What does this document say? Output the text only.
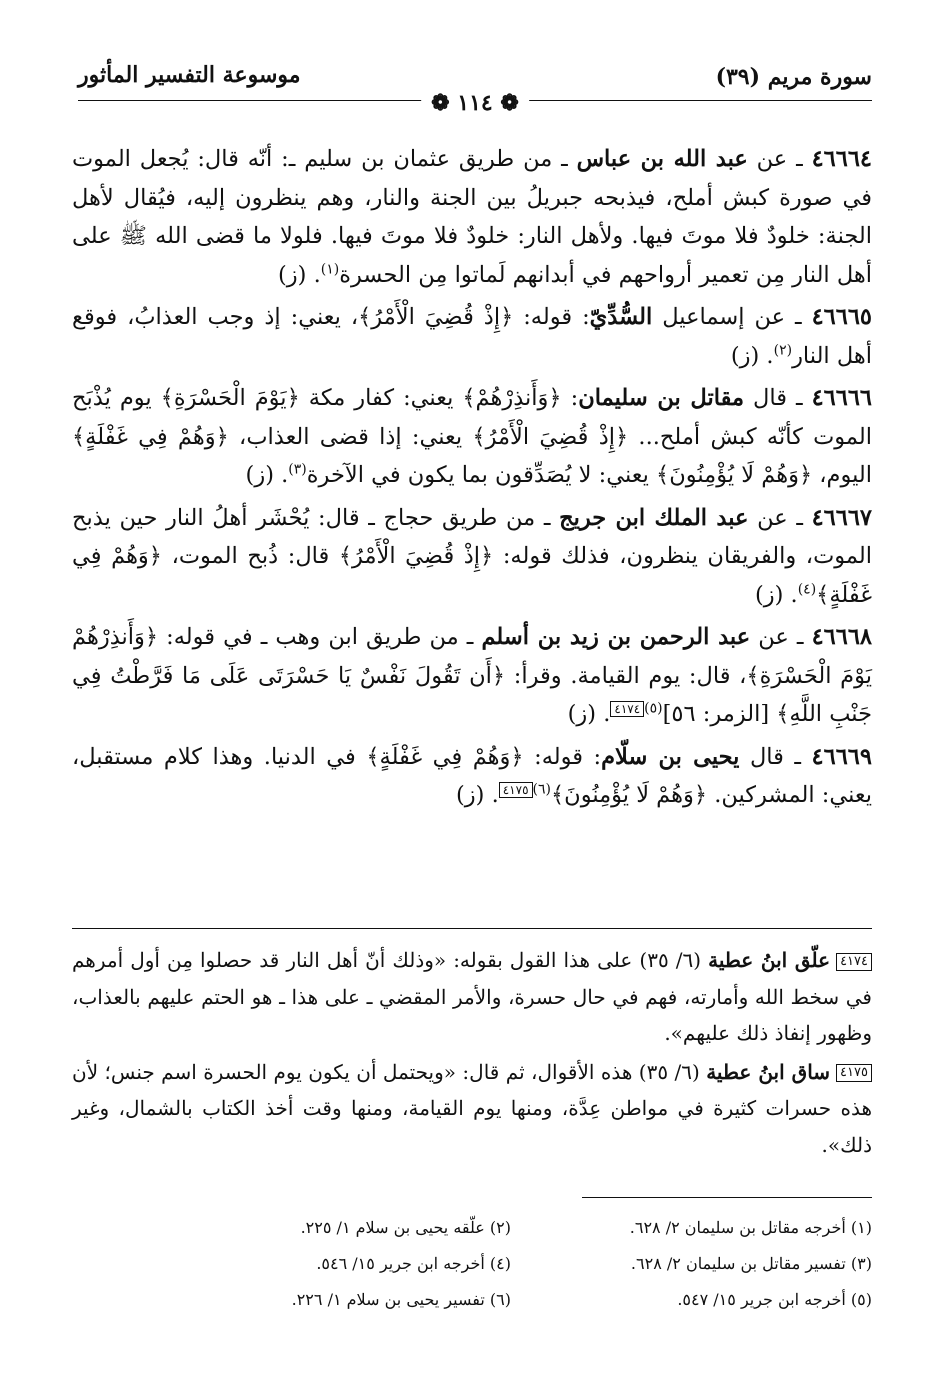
سورة مريم (٣٩)
موسوعة التفسير المأثور
❁ ١١٤ ❁

٤٦٦٦٤ ـ عن عبد الله بن عباس ـ من طريق عثمان بن سليم ـ: أنّه قال: يُجعل الموت في صورة كبش أملح، فيذبحه جبريلُ بين الجنة والنار، وهم ينظرون إليه، فيُقال لأهل الجنة: خلودٌ فلا موتَ فيها. ولأهل النار: خلودٌ فلا موتَ فيها. فلولا ما قضى الله ﷺ على أهل النار مِن تعمير أرواحهم في أبدانهم لَماتوا مِن الحسرة$^{(١)}$. (ز)

٤٦٦٦٥ ـ عن إسماعيل السُّدِّيّ: قوله: ﴿إِذْ قُضِيَ الْأَمْرُ﴾، يعني: إذ وجب العذابُ، فوقع أهل النار$^{(٢)}$. (ز)

٤٦٦٦٦ ـ قال مقاتل بن سليمان: ﴿وَأَنذِرْهُمْ﴾ يعني: كفار مكة ﴿يَوْمَ الْحَسْرَةِ﴾ يوم يُذْبَح الموت كأنّه كبش أملح... ﴿إِذْ قُضِيَ الْأَمْرُ﴾ يعني: إذا قضى العذاب، ﴿وَهُمْ فِي غَفْلَةٍ﴾ اليوم، ﴿وَهُمْ لَا يُؤْمِنُونَ﴾ يعني: لا يُصَدِّقون بما يكون في الآخرة$^{(٣)}$. (ز)

٤٦٦٦٧ ـ عن عبد الملك ابن جريج ـ من طريق حجاج ـ قال: يُحْشَر أهلُ النار حين يذبح الموت، والفريقان ينظرون، فذلك قوله: ﴿إِذْ قُضِيَ الْأَمْرُ﴾ قال: ذُبح الموت، ﴿وَهُمْ فِي غَفْلَةٍ﴾$^{(٤)}$. (ز)

٤٦٦٦٨ ـ عن عبد الرحمن بن زيد بن أسلم ـ من طريق ابن وهب ـ في قوله: ﴿وَأَنذِرْهُمْ يَوْمَ الْحَسْرَةِ﴾، قال: يوم القيامة. وقرأ: ﴿أَن تَقُولَ نَفْسٌ يَا حَسْرَتَى عَلَى مَا فَرَّطْتُ فِي جَنْبِ اللَّهِ﴾ [الزمر: ٥٦]$^{(٥)}$٤١٧٤. (ز)

٤٦٦٦٩ ـ قال يحيى بن سلّام: قوله: ﴿وَهُمْ فِي غَفْلَةٍ﴾ في الدنيا. وهذا كلام مستقبل، يعني: المشركين. ﴿وَهُمْ لَا يُؤْمِنُونَ﴾$^{(٦)}$٤١٧٥. (ز)

٤١٧٤علّق ابنُ عطية (٦/ ٣٥) على هذا القول بقوله: «وذلك أنّ أهل النار قد حصلوا مِن أول أمرهم في سخط الله وأمارته، فهم في حال حسرة، والأمر المقضي ـ على هذا ـ هو الحتم عليهم بالعذاب، وظهور إنفاذ ذلك عليهم».

٤١٧٥ساق ابنُ عطية (٦/ ٣٥) هذه الأقوال، ثم قال: «ويحتمل أن يكون يوم الحسرة اسم جنس؛ لأن هذه حسرات كثيرة في مواطن عِدَّة، ومنها يوم القيامة، ومنها وقت أخذ الكتاب بالشمال، وغير ذلك».

(١) أخرجه مقاتل بن سليمان ٢/ ٦٢٨.
(٢) علّقه يحيى بن سلام ١/ ٢٢٥.
(٣) تفسير مقاتل بن سليمان ٢/ ٦٢٨.
(٤) أخرجه ابن جرير ١٥/ ٥٤٦.
(٥) أخرجه ابن جرير ١٥/ ٥٤٧.
(٦) تفسير يحيى بن سلام ١/ ٢٢٦.
